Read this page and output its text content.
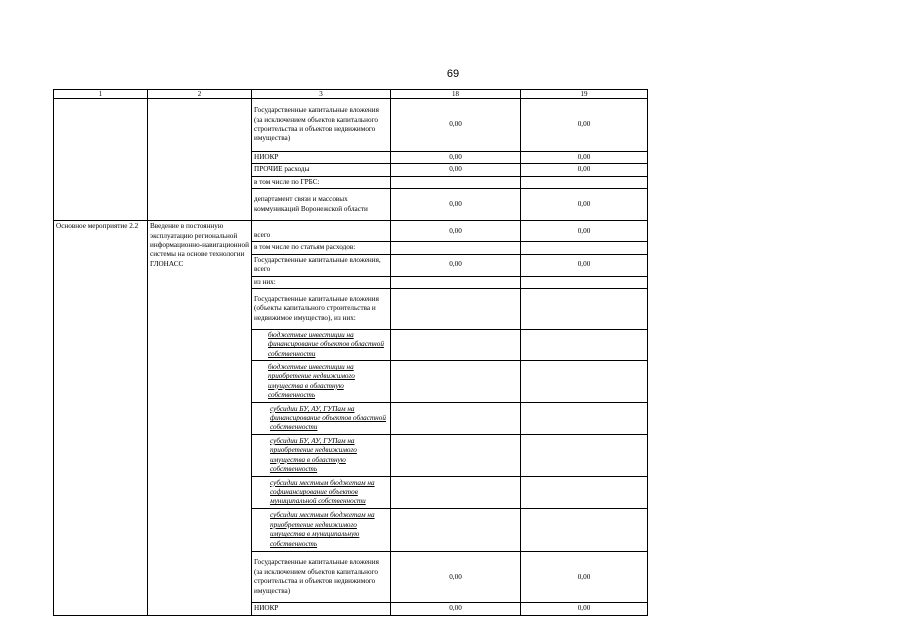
69
1	2	3	18	19
		Государственные капитальные вложения (за исключением объектов капитального строительства и объектов недвижимого имущества)	0,00	0,00
		НИОКР	0,00	0,00
		ПРОЧИЕ расходы	0,00	0,00
		в том числе по ГРБС:		
		департамент связи и массовых коммуникаций Воронежской области	0,00	0,00
Основное мероприятие 2.2	Введение в постоянную эксплуатацию региональной информационно-навигационной системы на основе технологии ГЛОНАСС	всего	0,00	0,00
		в том числе по статьям расходов:		
		Государственные капитальные вложения, всего	0,00	0,00
		из них:		
		Государственные капитальные вложения (объекты капитального строительства и недвижимое имущество), из них:		
		бюджетные инвестиции на финансирование объектов областной собственности		
		бюджетные инвестиции на приобретение недвижимого имущества в областную собственность		
		субсидии БУ, АУ, ГУПам на финансирование объектов областной собственности		
		субсидии БУ, АУ, ГУПам на приобретение недвижимого имущества в областную собственность		
		субсидии местным бюджетам на софинансирование объектов муниципальной собственности		
		субсидии местным бюджетам на приобретение недвижимого имущества в муниципальную собственность		
		Государственные капитальные вложения (за исключением объектов капитального строительства и объектов недвижимого имущества)	0,00	0,00
		НИОКР	0,00	0,00
